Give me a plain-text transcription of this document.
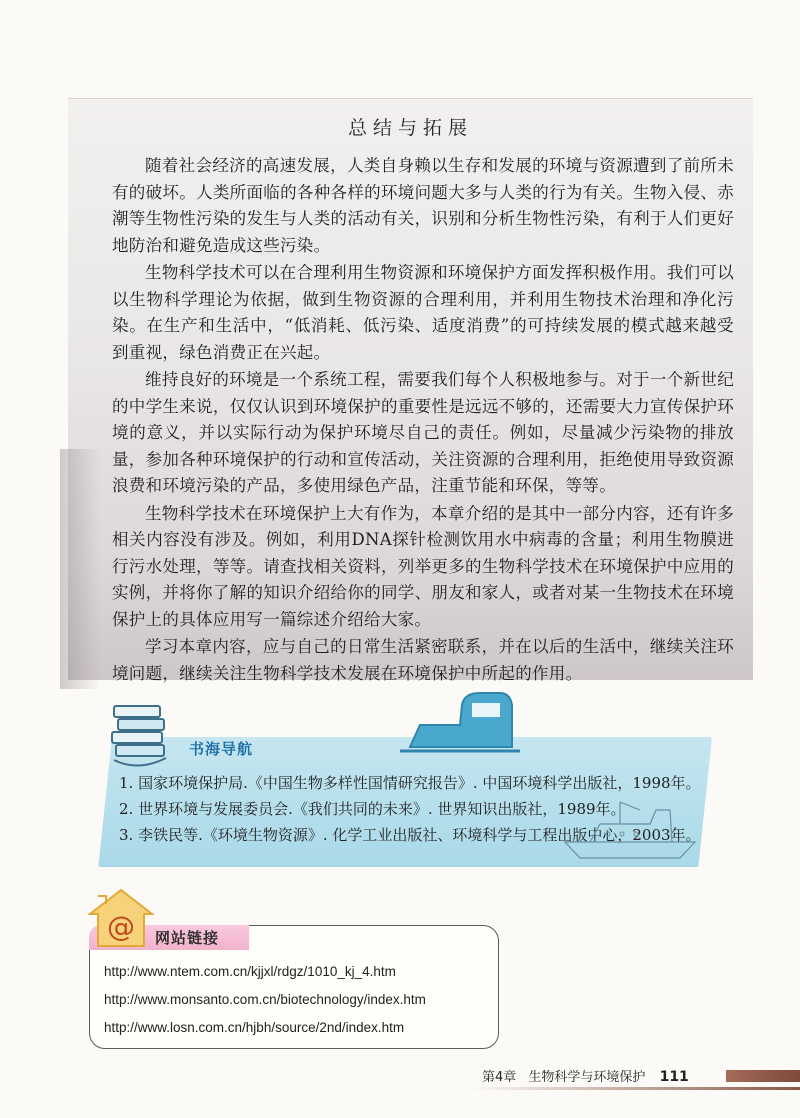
总结与拓展

随着社会经济的高速发展，人类自身赖以生存和发展的环境与资源遭到了前所未有的破坏。人类所面临的各种各样的环境问题大多与人类的行为有关。生物入侵、赤潮等生物性污染的发生与人类的活动有关，识别和分析生物性污染，有利于人们更好地防治和避免造成这些污染。

生物科学技术可以在合理利用生物资源和环境保护方面发挥积极作用。我们可以以生物科学理论为依据，做到生物资源的合理利用，并利用生物技术治理和净化污染。在生产和生活中，“低消耗、低污染、适度消费”的可持续发展的模式越来越受到重视，绿色消费正在兴起。

维持良好的环境是一个系统工程，需要我们每个人积极地参与。对于一个新世纪的中学生来说，仅仅认识到环境保护的重要性是远远不够的，还需要大力宣传保护环境的意义，并以实际行动为保护环境尽自己的责任。例如，尽量减少污染物的排放量，参加各种环境保护的行动和宣传活动，关注资源的合理利用，拒绝使用导致资源浪费和环境污染的产品，多使用绿色产品，注重节能和环保，等等。

生物科学技术在环境保护上大有作为，本章介绍的是其中一部分内容，还有许多相关内容没有涉及。例如，利用DNA探针检测饮用水中病毒的含量；利用生物膜进行污水处理，等等。请查找相关资料，列举更多的生物科学技术在环境保护中应用的实例，并将你了解的知识介绍给你的同学、朋友和家人，或者对某一生物技术在环境保护上的具体应用写一篇综述介绍给大家。

学习本章内容，应与自己的日常生活紧密联系，并在以后的生活中，继续关注环境问题，继续关注生物科学技术发展在环境保护中所起的作用。

书海导航
1. 国家环境保护局.《中国生物多样性国情研究报告》. 中国环境科学出版社，1998年。
2. 世界环境与发展委员会.《我们共同的未来》. 世界知识出版社，1989年。
3. 李铁民等.《环境生物资源》. 化学工业出版社、环境科学与工程出版中心，2003年。
@ 网站链接
http://www.ntem.com.cn/kjjxl/rdgz/1010_kj_4.htm
http://www.monsanto.com.cn/biotechnology/index.htm
http://www.losn.com.cn/hjbh/source/2nd/index.htm
第4章 生物科学与环境保护 111
